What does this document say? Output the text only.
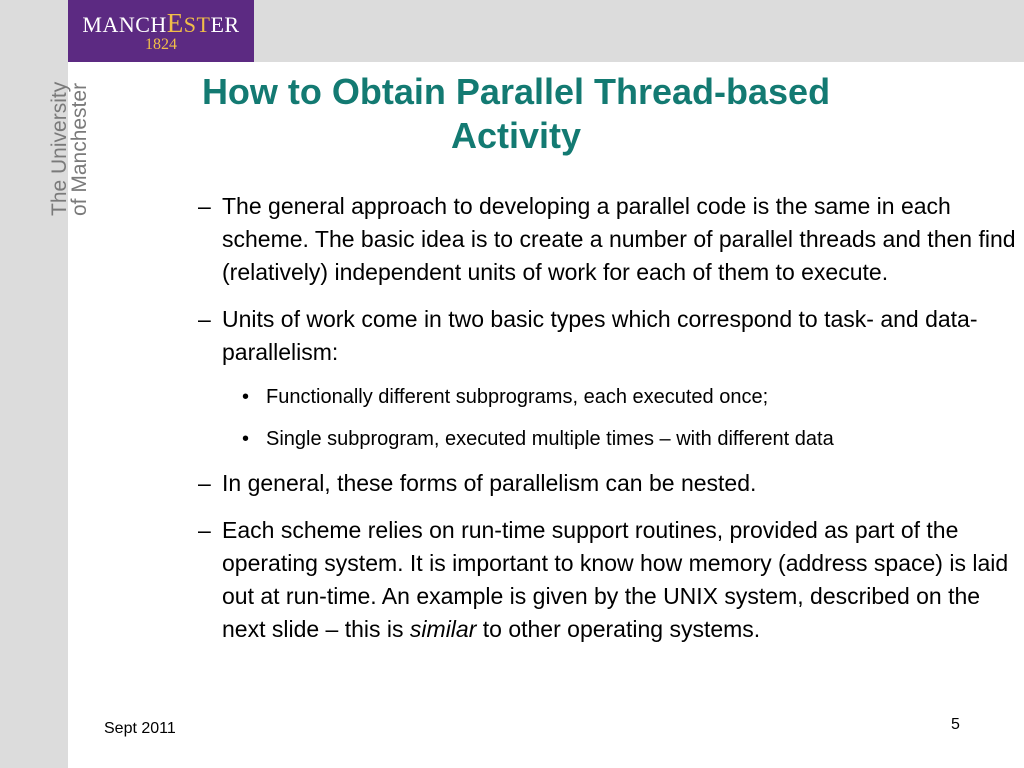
The University
of Manchester
MANCHESTER
1824
How to Obtain Parallel Thread-based
Activity
– The general approach to developing a parallel code is the same in each scheme. The basic idea is to create a number of parallel threads and then find (relatively) independent units of work for each of them to execute.
– Units of work come in two basic types which correspond to task- and data-parallelism:
• Functionally different subprograms, each executed once;
• Single subprogram, executed multiple times – with different data
– In general, these forms of parallelism can be nested.
– Each scheme relies on run-time support routines, provided as part of the operating system. It is important to know how memory (address space) is laid out at run-time. An example is given by the UNIX system, described on the next slide – this is similar to other operating systems.
Sept 2011	5
